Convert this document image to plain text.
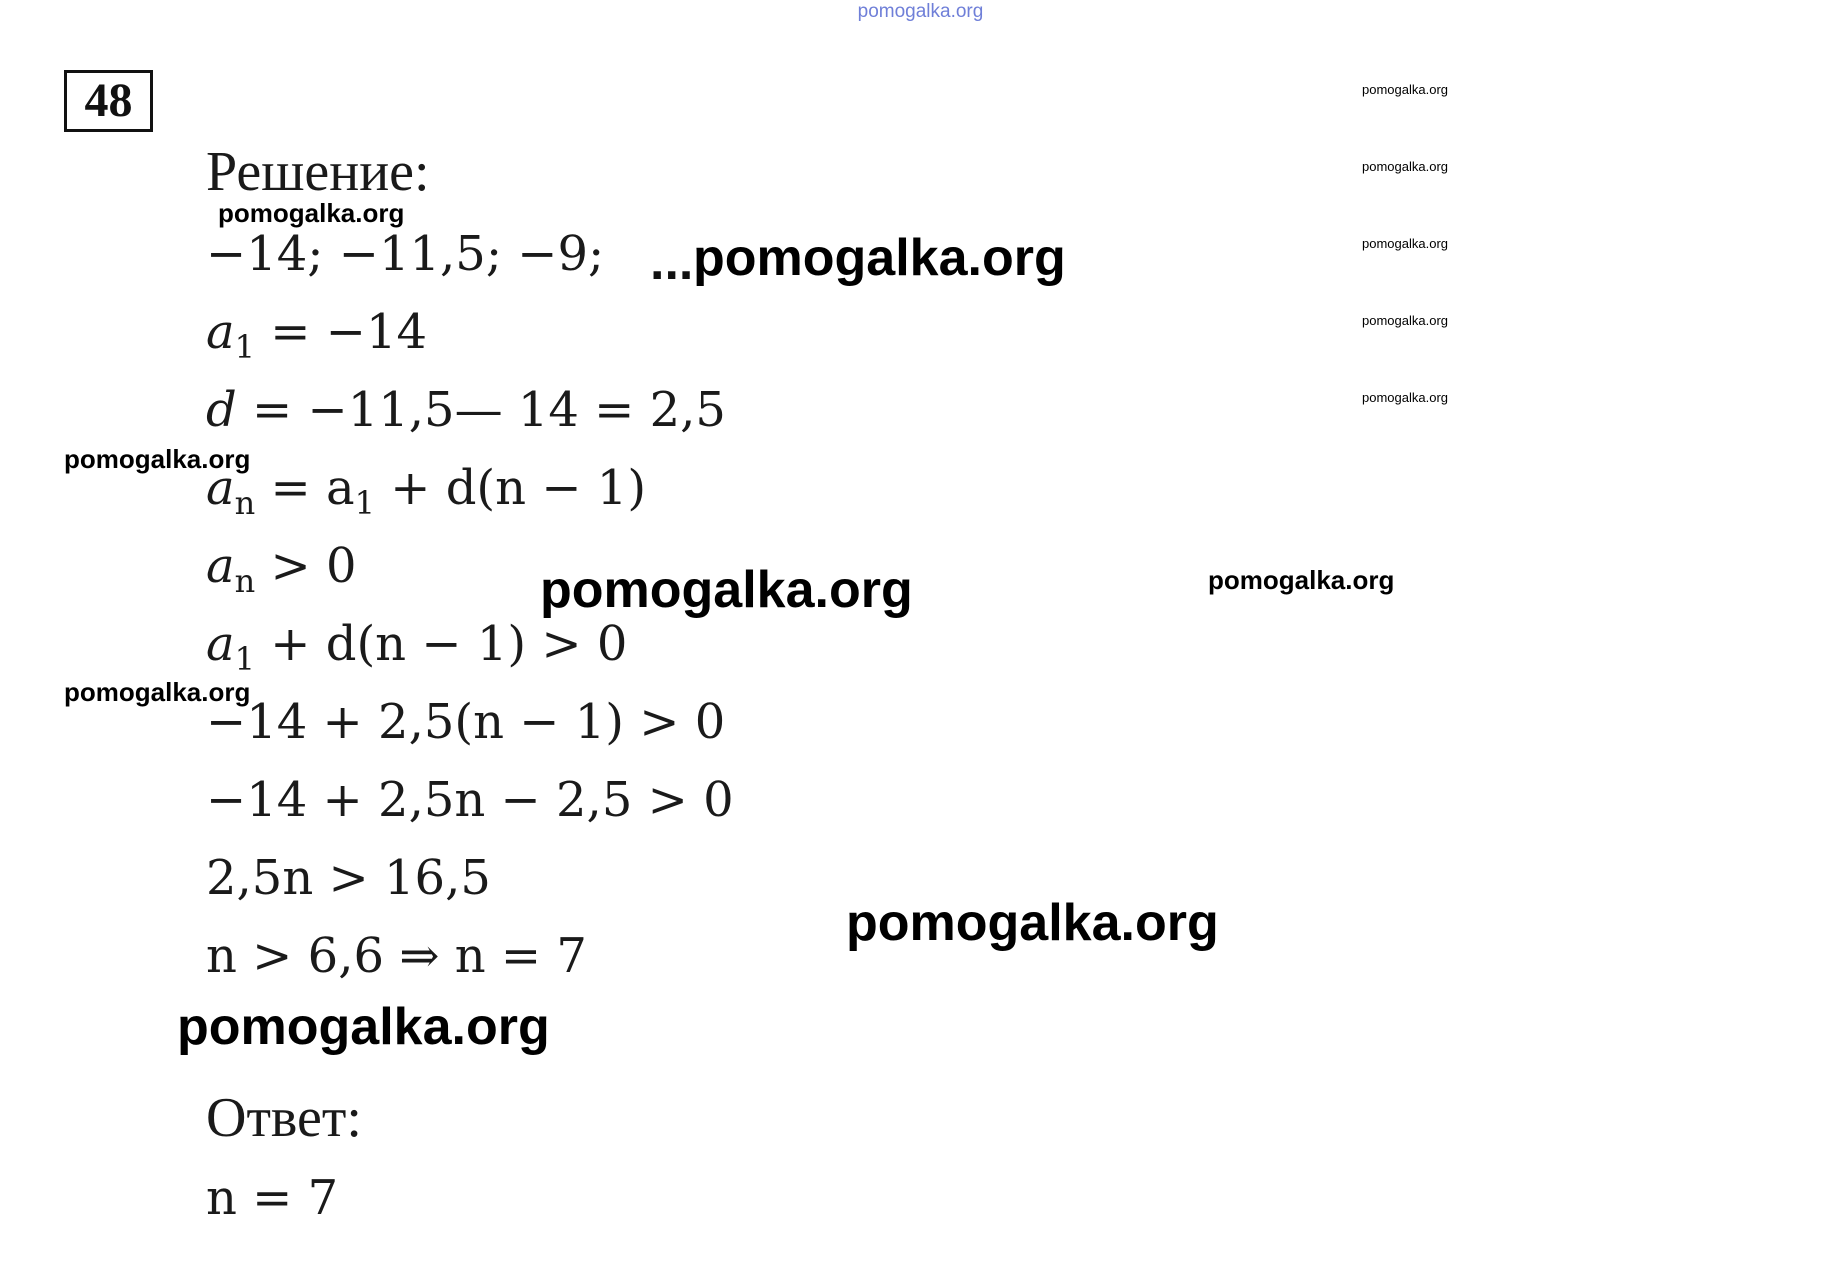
pomogalka.org
48
Решение:
−14; −11,5; −9; ...
$a_1 = -14$
d = −11,5— 14 = 2,5
$a_n = a_1 + d(n - 1)$
$a_n > 0$
$a_1 + d(n - 1) > 0$
−14 + 2,5(n − 1) > 0
−14 + 2,5n − 2,5 > 0
2,5n > 16,5
n > 6,6 ⇒ n = 7
Ответ:
n = 7
pomogalka.org
pomogalka.org
pomogalka.org
pomogalka.org
pomogalka.org
pomogalka.org
pomogalka.org
pomogalka.org
pomogalka.org
pomogalka.org
pomogalka.org
pomogalka.org
pomogalka.org
